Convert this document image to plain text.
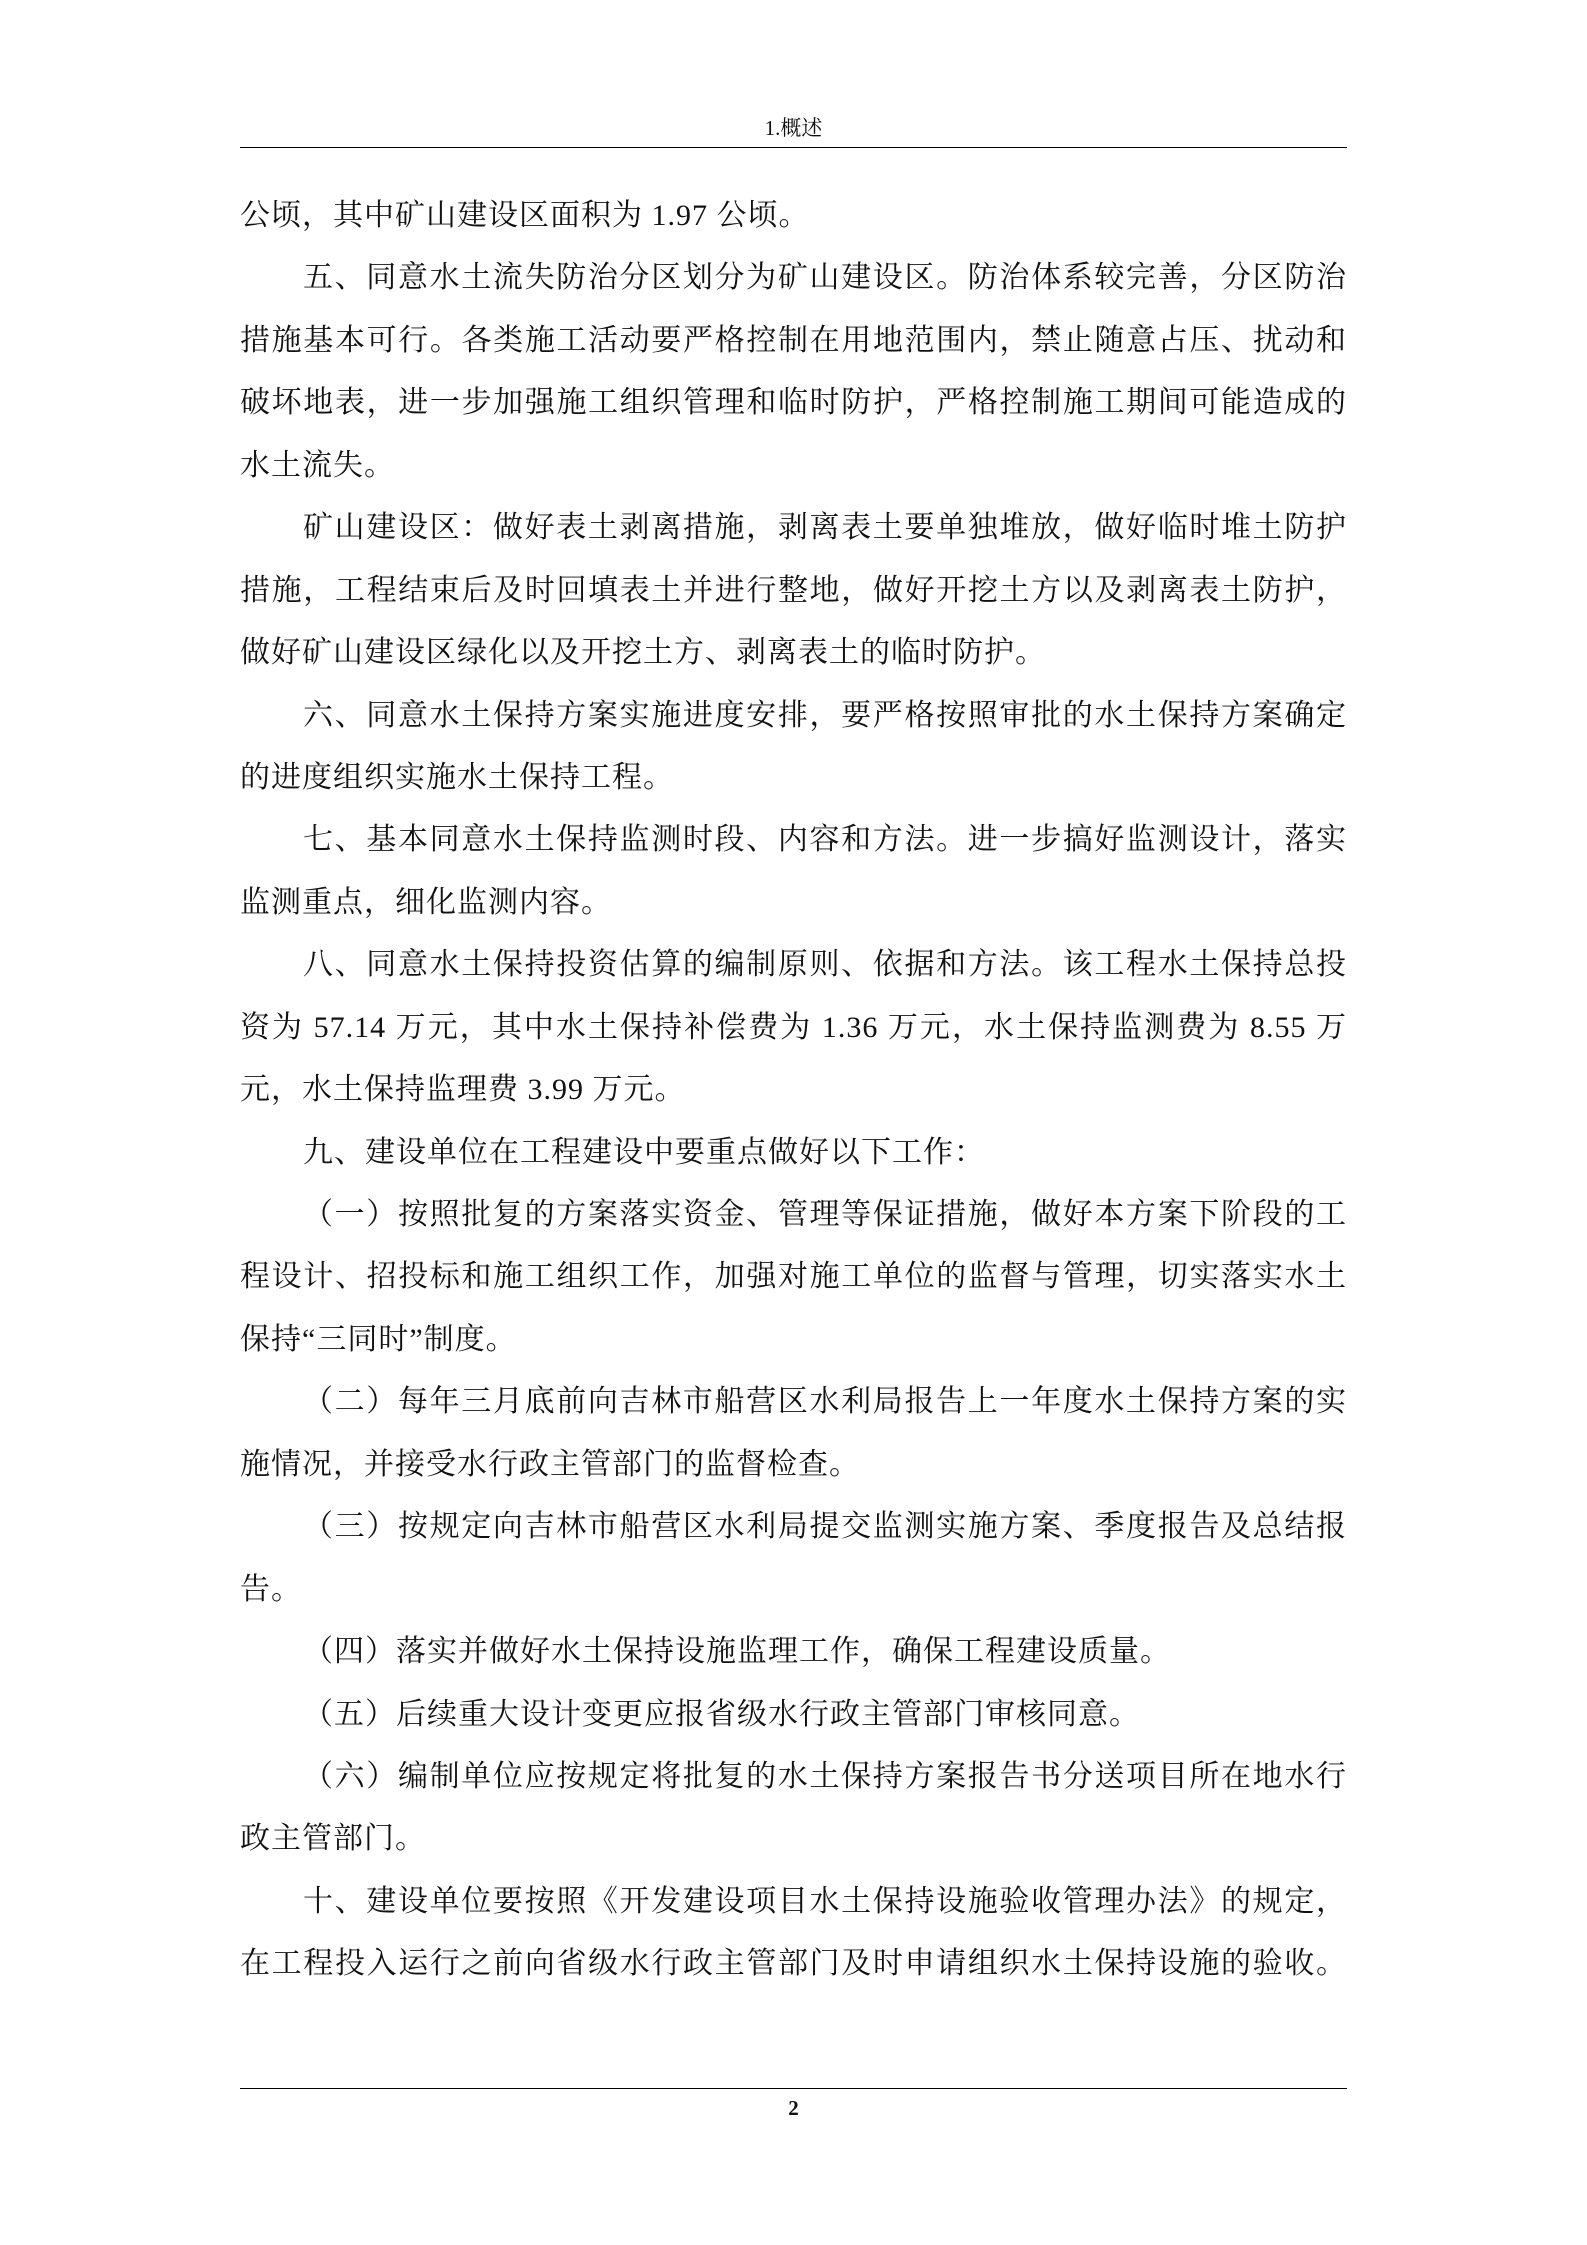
1.概述
公顷，其中矿山建设区面积为 1.97 公顷。
五、同意水土流失防治分区划分为矿山建设区。防治体系较完善，分区防治
措施基本可行。各类施工活动要严格控制在用地范围内，禁止随意占压、扰动和
破坏地表，进一步加强施工组织管理和临时防护，严格控制施工期间可能造成的
水土流失。
矿山建设区：做好表土剥离措施，剥离表土要单独堆放，做好临时堆土防护
措施，工程结束后及时回填表土并进行整地，做好开挖土方以及剥离表土防护，
做好矿山建设区绿化以及开挖土方、剥离表土的临时防护。
六、同意水土保持方案实施进度安排，要严格按照审批的水土保持方案确定
的进度组织实施水土保持工程。
七、基本同意水土保持监测时段、内容和方法。进一步搞好监测设计，落实
监测重点，细化监测内容。
八、同意水土保持投资估算的编制原则、依据和方法。该工程水土保持总投
资为 57.14 万元，其中水土保持补偿费为 1.36 万元，水土保持监测费为 8.55 万
元，水土保持监理费 3.99 万元。
九、建设单位在工程建设中要重点做好以下工作：
（一）按照批复的方案落实资金、管理等保证措施，做好本方案下阶段的工
程设计、招投标和施工组织工作，加强对施工单位的监督与管理，切实落实水土
保持“三同时”制度。
（二）每年三月底前向吉林市船营区水利局报告上一年度水土保持方案的实
施情况，并接受水行政主管部门的监督检查。
（三）按规定向吉林市船营区水利局提交监测实施方案、季度报告及总结报
告。
（四）落实并做好水土保持设施监理工作，确保工程建设质量。
（五）后续重大设计变更应报省级水行政主管部门审核同意。
（六）编制单位应按规定将批复的水土保持方案报告书分送项目所在地水行
政主管部门。
十、建设单位要按照《开发建设项目水土保持设施验收管理办法》的规定，
在工程投入运行之前向省级水行政主管部门及时申请组织水土保持设施的验收。
2
